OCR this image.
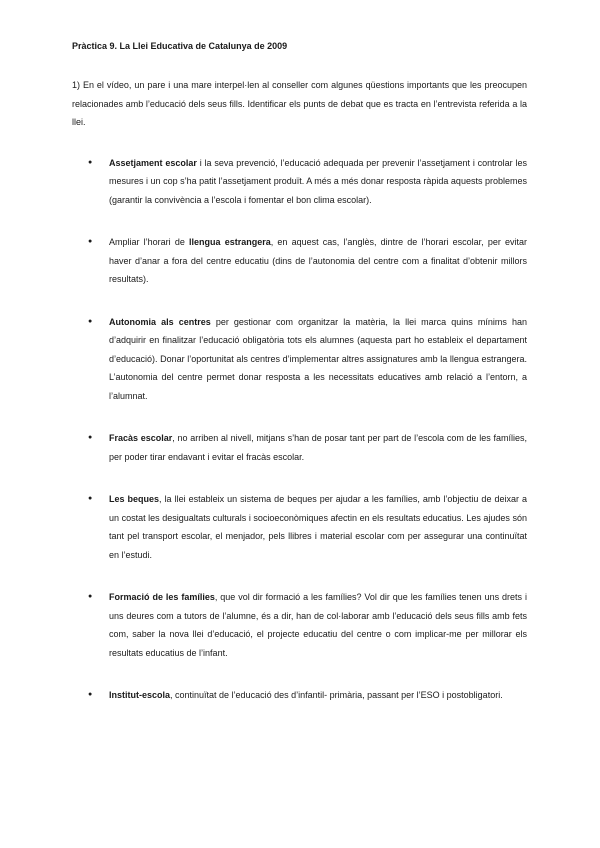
Pràctica 9. La Llei Educativa de Catalunya de 2009

1) En el vídeo, un pare i una mare interpel·len al conseller com algunes qüestions importants que les preocupen relacionades amb l’educació dels seus fills. Identificar els punts de debat que es tracta en l’entrevista referida a la llei.

● Assetjament escolar i la seva prevenció, l’educació adequada per prevenir l’assetjament i controlar les mesures i un cop s’ha patit l’assetjament produït. A més a més donar resposta ràpida aquests problemes (garantir la convivència a l’escola i fomentar el bon clima escolar).
● Ampliar l’horari de llengua estrangera, en aquest cas, l’anglès, dintre de l’horari escolar, per evitar haver d’anar a fora del centre educatiu (dins de l’autonomia del centre com a finalitat d’obtenir millors resultats).
● Autonomia als centres per gestionar com organitzar la matèria, la llei marca quins mínims han d’adquirir en finalitzar l’educació obligatòria tots els alumnes (aquesta part ho estableix el departament d’educació). Donar l’oportunitat als centres d’implementar altres assignatures amb la llengua estrangera. L’autonomia del centre permet donar resposta a les necessitats educatives amb relació a l’entorn, a l’alumnat.
● Fracàs escolar, no arriben al nivell, mitjans s’han de posar tant per part de l’escola com de les famílies, per poder tirar endavant i evitar el fracàs escolar.
● Les beques, la llei estableix un sistema de beques per ajudar a les famílies, amb l’objectiu de deixar a un costat les desigualtats culturals i socioeconòmiques afectin en els resultats educatius. Les ajudes són tant pel transport escolar, el menjador, pels llibres i material escolar com per assegurar una continuïtat en l’estudi.
● Formació de les famílies, que vol dir formació a les famílies? Vol dir que les famílies tenen uns drets i uns deures com a tutors de l’alumne, és a dir, han de col·laborar amb l’educació dels seus fills amb fets com, saber la nova llei d’educació, el projecte educatiu del centre o com implicar-me per millorar els resultats educatius de l’infant.
● Institut-escola, continuïtat de l’educació des d’infantil- primària, passant per l’ESO i postobligatori.
